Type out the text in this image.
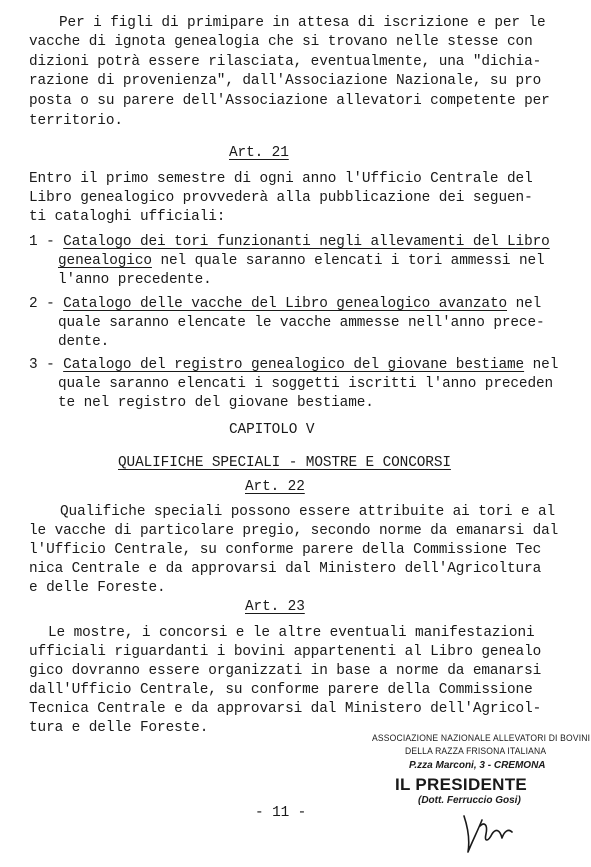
Per i figli di primipare in attesa di iscrizione e per le
vacche di ignota genealogia che si trovano nelle stesse con
dizioni potrà essere rilasciata, eventualmente, una "dichia-
razione di provenienza", dall'Associazione Nazionale, su pro
posta o su parere dell'Associazione allevatori competente per
territorio.
Art. 21
Entro il primo semestre di ogni anno l'Ufficio Centrale del
Libro genealogico provvederà alla pubblicazione dei seguen-
ti cataloghi ufficiali:
1 - Catalogo dei tori funzionanti negli allevamenti del Libro
genealogico nel quale saranno elencati i tori ammessi nel
l'anno precedente.
2 - Catalogo delle vacche del Libro genealogico avanzato nel
quale saranno elencate le vacche ammesse nell'anno prece-
dente.
3 - Catalogo del registro genealogico del giovane bestiame nel
quale saranno elencati i soggetti iscritti l'anno preceden
te nel registro del giovane bestiame.
CAPITOLO V
QUALIFICHE SPECIALI - MOSTRE E CONCORSI
Art. 22
Qualifiche speciali possono essere attribuite ai tori e al
le vacche di particolare pregio, secondo norme da emanarsi dal
l'Ufficio Centrale, su conforme parere della Commissione Tec
nica Centrale e da approvarsi dal Ministero dell'Agricoltura
e delle Foreste.
Art. 23
Le mostre, i concorsi e le altre eventuali manifestazioni
ufficiali riguardanti i bovini appartenenti al Libro genealo
gico dovranno essere organizzati in base a norme da emanarsi
dall'Ufficio Centrale, su conforme parere della Commissione
Tecnica Centrale e da approvarsi dal Ministero dell'Agricol-
tura e delle Foreste.
ASSOCIAZIONE NAZIONALE ALLEVATORI DI BOVINI
DELLA RAZZA FRISONA ITALIANA
P.zza Marconi, 3 - CREMONA
IL PRESIDENTE
(Dott. Ferruccio Gosi)
- 11 -
